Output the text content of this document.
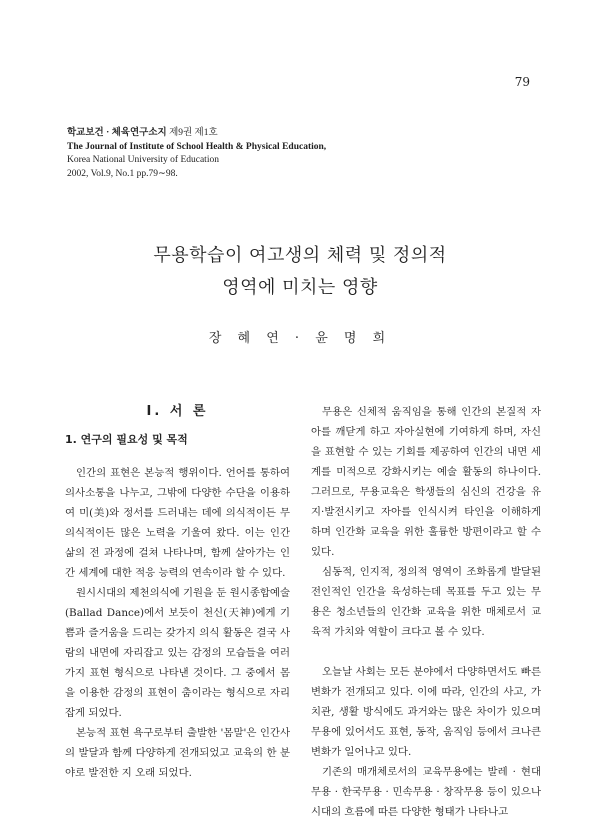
79
학교보건 · 체육연구소지 제9권 제1호
The Journal of Institute of School Health & Physical Education,
Korea National University of Education
2002, Vol.9, No.1 pp.79∼98.
무용학습이 여고생의 체력 및 정의적
영역에 미치는 영향
장 혜 연 · 윤 명 희
Ⅰ. 서 론
1. 연구의 필요성 및 목적

인간의 표현은 본능적 행위이다. 언어를 통하여 의사소통을 나누고, 그밖에 다양한 수단을 이용하여 미(美)와 정서를 드러내는 데에 의식적이든 무의식적이든 많은 노력을 기울여 왔다. 이는 인간 삶의 전 과정에 걸쳐 나타나며, 함께 살아가는 인간 세계에 대한 적응 능력의 연속이라 할 수 있다.

원시시대의 제천의식에 기원을 둔 원시종합예술(Ballad Dance)에서 보듯이 천신(天神)에게 기쁨과 즐거움을 드리는 갖가지 의식 활동은 결국 사람의 내면에 자리잡고 있는 감정의 모습들을 여러 가지 표현 형식으로 나타낸 것이다. 그 중에서 몸을 이용한 감정의 표현이 춤이라는 형식으로 자리잡게 되었다.

본능적 표현 욕구로부터 출발한 '몸말'은 인간사의 발달과 함께 다양하게 전개되었고 교육의 한 분야로 발전한 지 오래 되었다.

무용은 신체적 움직임을 통해 인간의 본질적 자아를 깨닫게 하고 자아실현에 기여하게 하며, 자신을 표현할 수 있는 기회를 제공하여 인간의 내면 세계를 미적으로 강화시키는 예술 활동의 하나이다. 그러므로, 무용교육은 학생들의 심신의 건강을 유지·발전시키고 자아를 인식시켜 타인을 이해하게 하며 인간화 교육을 위한 훌륭한 방편이라고 할 수 있다.

심동적, 인지적, 정의적 영역이 조화롭게 발달된 전인적인 인간을 육성하는데 목표를 두고 있는 무용은 청소년들의 인간화 교육을 위한 매체로서 교육적 가치와 역할이 크다고 볼 수 있다.

오늘날 사회는 모든 분야에서 다양하면서도 빠른 변화가 전개되고 있다. 이에 따라, 인간의 사고, 가치관, 생활 방식에도 과거와는 많은 차이가 있으며 무용에 있어서도 표현, 동작, 움직임 등에서 크나큰 변화가 일어나고 있다.

기존의 매개체로서의 교육무용에는 발레 · 현대무용 · 한국무용 · 민속무용 · 창작무용 등이 있으나 시대의 흐름에 따른 다양한 형태가 나타나고
